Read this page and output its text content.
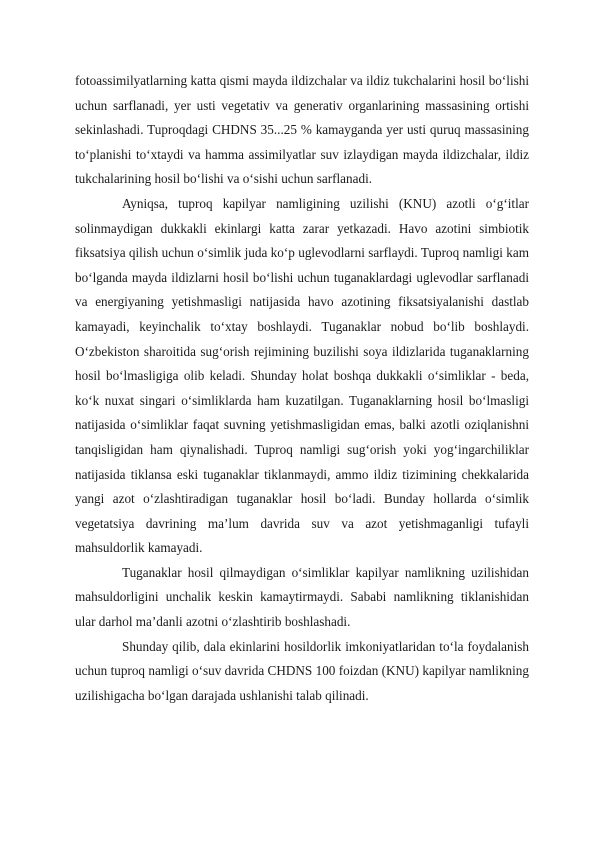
fotoassimilyatlarning katta qismi mayda ildizchalar va ildiz tukchalarini hosil bo‘lishi uchun sarflanadi, yer usti vegetativ va generativ organlarining massasining ortishi sekinlashadi. Tuproqdagi CHDNS 35...25 % kamayganda yer usti quruq massasining to‘planishi to‘xtaydi va hamma assimilyatlar suv izlaydigan mayda ildizchalar, ildiz tukchalarining hosil bo‘lishi va o‘sishi uchun sarflanadi.

Ayniqsa, tuproq kapilyar namligining uzilishi (KNU) azotli o‘g‘itlar solinmaydigan dukkakli ekinlargi katta zarar yetkazadi. Havo azotini simbiotik fiksatsiya qilish uchun o‘simlik juda ko‘p uglevodlarni sarflaydi. Tuproq namligi kam bo‘lganda mayda ildizlarni hosil bo‘lishi uchun tuganaklardagi uglevodlar sarflanadi va energiyaning yetishmasligi natijasida havo azotining fiksatsiyalanishi dastlab kamayadi, keyinchalik to‘xtay boshlaydi. Tuganaklar nobud bo‘lib boshlaydi. O‘zbekiston sharoitida sug‘orish rejimining buzilishi soya ildizlarida tuganaklarning hosil bo‘lmasligiga olib keladi. Shunday holat boshqa dukkakli o‘simliklar - beda, ko‘k nuxat singari o‘simliklarda ham kuzatilgan. Tuganaklarning hosil bo‘lmasligi natijasida o‘simliklar faqat suvning yetishmasligidan emas, balki azotli oziqlanishni tanqisligidan ham qiynalishadi. Tuproq namligi sug‘orish yoki yog‘ingarchiliklar natijasida tiklansa eski tuganaklar tiklanmaydi, ammo ildiz tizimining chekkalarida yangi azot o‘zlashtiradigan tuganaklar hosil bo‘ladi. Bunday hollarda o‘simlik vegetatsiya davrining ma’lum davrida suv va azot yetishmaganligi tufayli mahsuldorlik kamayadi.

Tuganaklar hosil qilmaydigan o‘simliklar kapilyar namlikning uzilishidan mahsuldorligini unchalik keskin kamaytirmaydi. Sababi namlikning tiklanishidan ular darhol ma’danli azotni o‘zlashtirib boshlashadi.

Shunday qilib, dala ekinlarini hosildorlik imkoniyatlaridan to‘la foydalanish uchun tuproq namligi o‘suv davrida CHDNS 100 foizdan (KNU) kapilyar namlikning uzilishigacha bo‘lgan darajada ushlanishi talab qilinadi.
